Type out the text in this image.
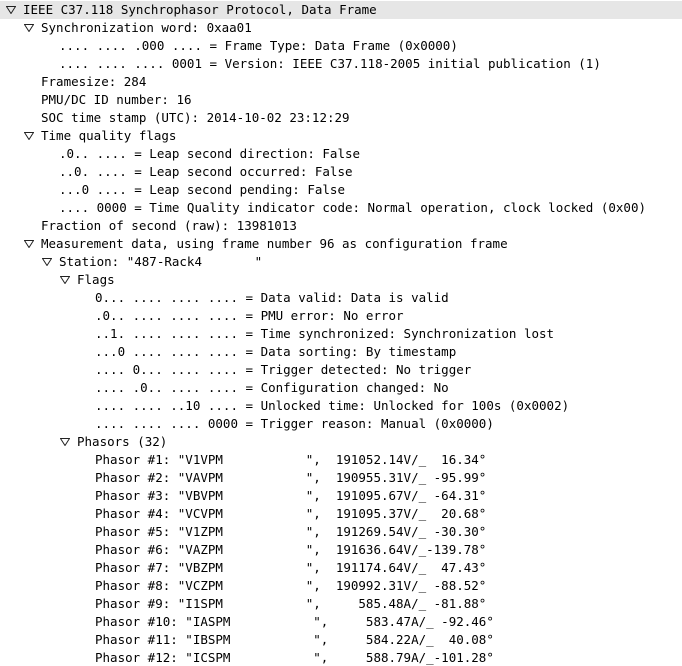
IEEE C37.118 Synchrophasor Protocol, Data Frame
Synchronization word: 0xaa01
.... .... .000 .... = Frame Type: Data Frame (0x0000)
.... .... .... 0001 = Version: IEEE C37.118-2005 initial publication (1)
Framesize: 284
PMU/DC ID number: 16
SOC time stamp (UTC): 2014-10-02 23:12:29
Time quality flags
.0.. .... = Leap second direction: False
..0. .... = Leap second occurred: False
...0 .... = Leap second pending: False
.... 0000 = Time Quality indicator code: Normal operation, clock locked (0x00)
Fraction of second (raw): 13981013
Measurement data, using frame number 96 as configuration frame
Station: "487-Rack4       "
Flags
0... .... .... .... = Data valid: Data is valid
.0.. .... .... .... = PMU error: No error
..1. .... .... .... = Time synchronized: Synchronization lost
...0 .... .... .... = Data sorting: By timestamp
.... 0... .... .... = Trigger detected: No trigger
.... .0.. .... .... = Configuration changed: No
.... .... ..10 .... = Unlocked time: Unlocked for 100s (0x0002)
.... .... .... 0000 = Trigger reason: Manual (0x0000)
Phasors (32)
Phasor #1: "V1VPM           ",  191052.14V/_  16.34°
Phasor #2: "VAVPM           ",  190955.31V/_ -95.99°
Phasor #3: "VBVPM           ",  191095.67V/_ -64.31°
Phasor #4: "VCVPM           ",  191095.37V/_  20.68°
Phasor #5: "V1ZPM           ",  191269.54V/_ -30.30°
Phasor #6: "VAZPM           ",  191636.64V/_-139.78°
Phasor #7: "VBZPM           ",  191174.64V/_  47.43°
Phasor #8: "VCZPM           ",  190992.31V/_ -88.52°
Phasor #9: "I1SPM           ",     585.48A/_ -81.88°
Phasor #10: "IASPM           ",     583.47A/_ -92.46°
Phasor #11: "IBSPM           ",     584.22A/_  40.08°
Phasor #12: "ICSPM           ",     588.79A/_-101.28°
